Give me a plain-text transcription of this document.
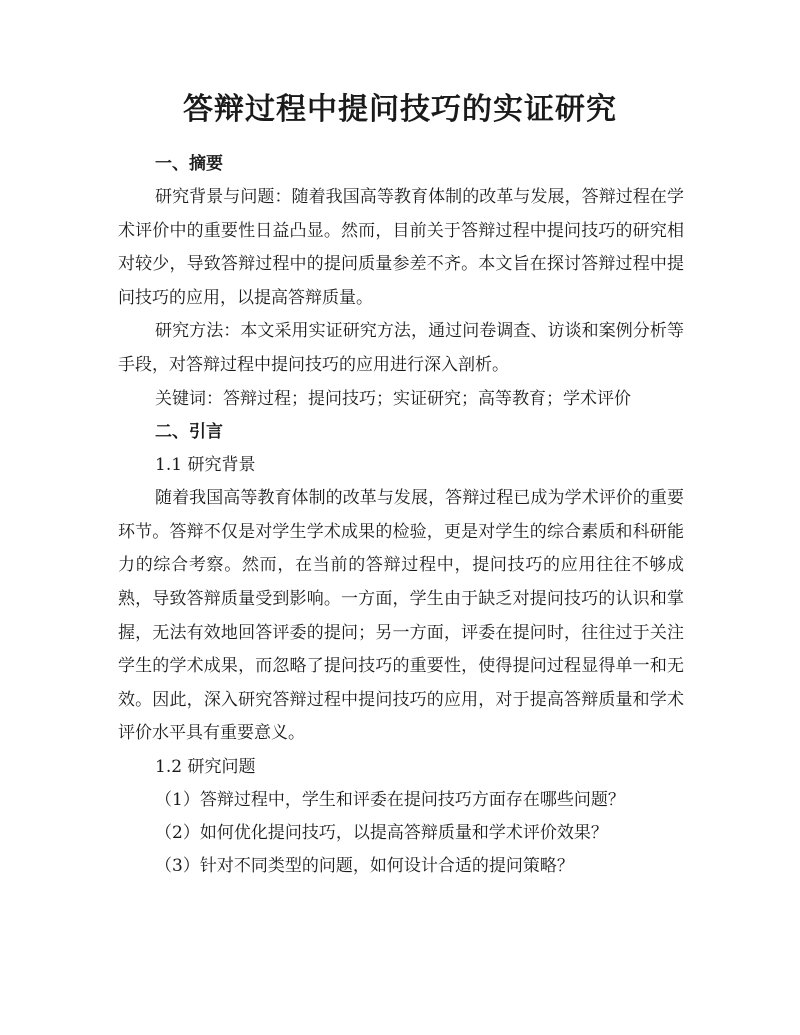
答辩过程中提问技巧的实证研究

一、摘要

研究背景与问题：随着我国高等教育体制的改革与发展，答辩过程在学术评价中的重要性日益凸显。然而，目前关于答辩过程中提问技巧的研究相对较少，导致答辩过程中的提问质量参差不齐。本文旨在探讨答辩过程中提问技巧的应用，以提高答辩质量。

研究方法：本文采用实证研究方法，通过问卷调查、访谈和案例分析等手段，对答辩过程中提问技巧的应用进行深入剖析。

关键词：答辩过程；提问技巧；实证研究；高等教育；学术评价

二、引言

1.1 研究背景

随着我国高等教育体制的改革与发展，答辩过程已成为学术评价的重要环节。答辩不仅是对学生学术成果的检验，更是对学生的综合素质和科研能力的综合考察。然而，在当前的答辩过程中，提问技巧的应用往往不够成熟，导致答辩质量受到影响。一方面，学生由于缺乏对提问技巧的认识和掌握，无法有效地回答评委的提问；另一方面，评委在提问时，往往过于关注学生的学术成果，而忽略了提问技巧的重要性，使得提问过程显得单一和无效。因此，深入研究答辩过程中提问技巧的应用，对于提高答辩质量和学术评价水平具有重要意义。

1.2 研究问题

（1）答辩过程中，学生和评委在提问技巧方面存在哪些问题？

（2）如何优化提问技巧，以提高答辩质量和学术评价效果？

（3）针对不同类型的问题，如何设计合适的提问策略？
